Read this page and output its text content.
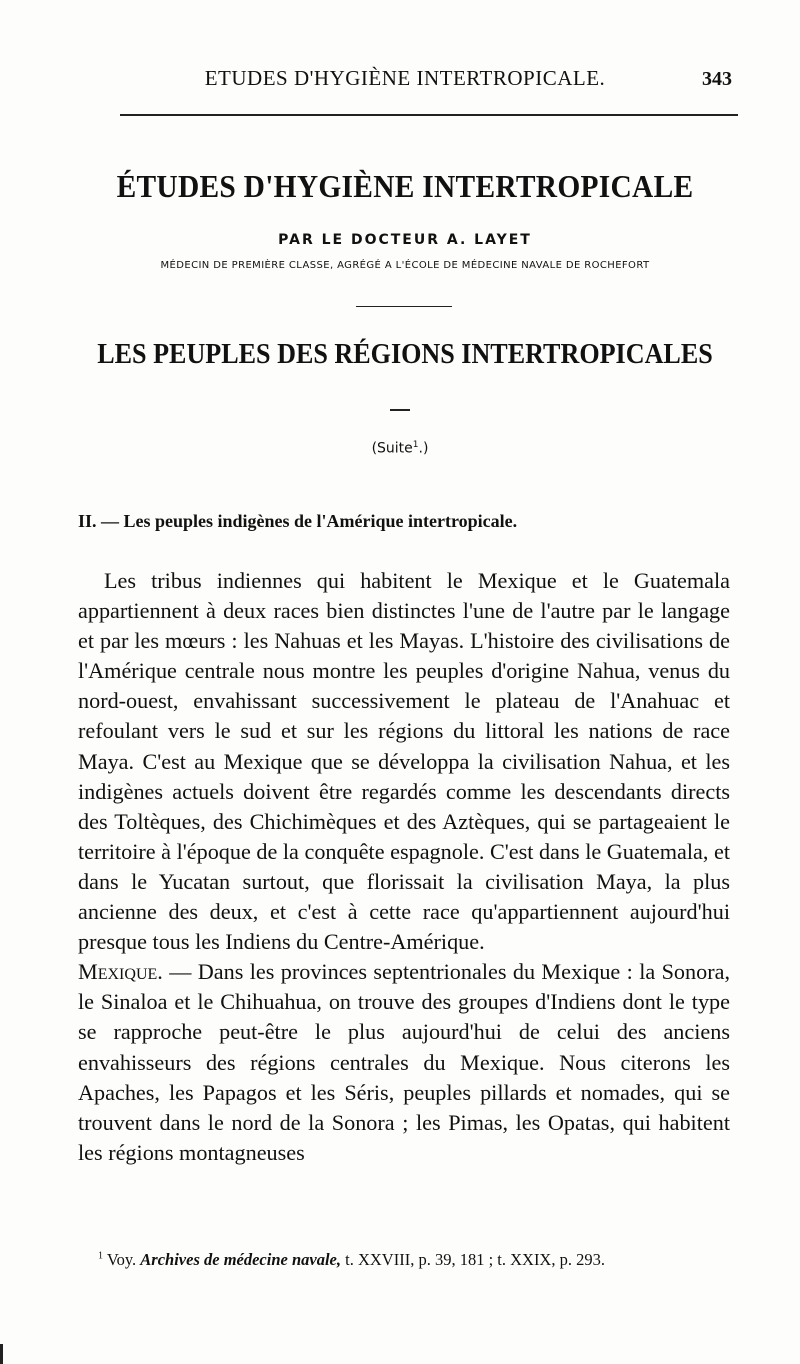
ETUDES D'HYGIÈNE INTERTROPICALE.	343
ÉTUDES D'HYGIÈNE INTERTROPICALE
PAR LE DOCTEUR A. LAYET
MÉDECIN DE PREMIÈRE CLASSE, AGRÉGÉ A L'ÉCOLE DE MÉDECINE NAVALE DE ROCHEFORT
LES PEUPLES DES RÉGIONS INTERTROPICALES
(Suite$^1$.)
II. — Les peuples indigènes de l'Amérique intertropicale.

Les tribus indiennes qui habitent le Mexique et le Guatemala appartiennent à deux races bien distinctes l'une de l'autre par le langage et par les mœurs : les Nahuas et les Mayas. L'histoire des civilisations de l'Amérique centrale nous montre les peuples d'origine Nahua, venus du nord-ouest, envahissant successivement le plateau de l'Anahuac et refoulant vers le sud et sur les régions du littoral les nations de race Maya. C'est au Mexique que se développa la civilisation Nahua, et les indigènes actuels doivent être regardés comme les descendants directs des Toltèques, des Chichimèques et des Aztèques, qui se partageaient le territoire à l'époque de la conquête espagnole. C'est dans le Guatemala, et dans le Yucatan surtout, que florissait la civilisation Maya, la plus ancienne des deux, et c'est à cette race qu'appartiennent aujourd'hui presque tous les Indiens du Centre-Amérique.

Mexique. — Dans les provinces septentrionales du Mexique : la Sonora, le Sinaloa et le Chihuahua, on trouve des groupes d'Indiens dont le type se rapproche peut-être le plus aujourd'hui de celui des anciens envahisseurs des régions centrales du Mexique. Nous citerons les Apaches, les Papagos et les Séris, peuples pillards et nomades, qui se trouvent dans le nord de la Sonora ; les Pimas, les Opatas, qui habitent les régions montagneuses

$^1$ Voy. Archives de médecine navale, t. XXVIII, p. 39, 181 ; t. XXIX, p. 293.
